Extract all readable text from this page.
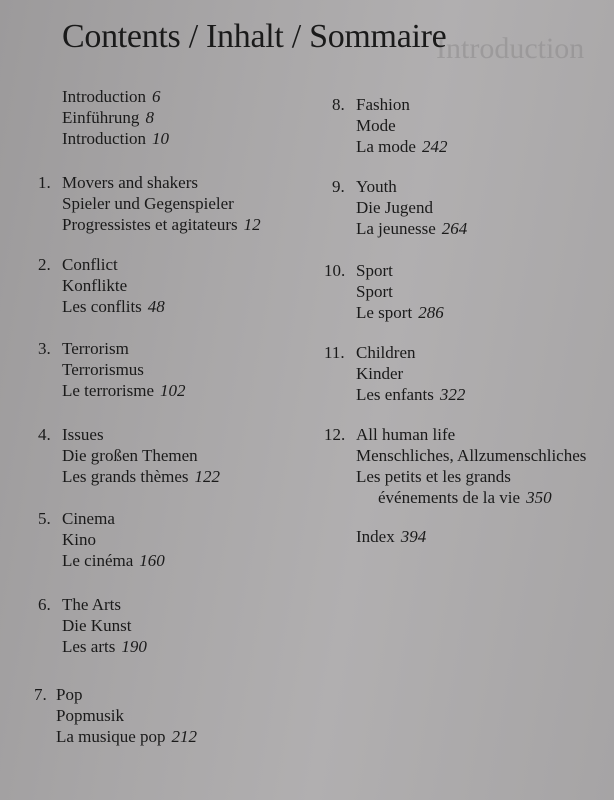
Introduction
Contents / Inhalt / Sommaire
Introduction 6
Einführung 8
Introduction 10
1. Movers and shakers
Spieler und Gegenspieler
Progressistes et agitateurs 12
2. Conflict
Konflikte
Les conflits 48
3. Terrorism
Terrorismus
Le terrorisme 102
4. Issues
Die großen Themen
Les grands thèmes 122
5. Cinema
Kino
Le cinéma 160
6. The Arts
Die Kunst
Les arts 190
7. Pop
Popmusik
La musique pop 212
8. Fashion
Mode
La mode 242
9. Youth
Die Jugend
La jeunesse 264
10. Sport
Sport
Le sport 286
11. Children
Kinder
Les enfants 322
12. All human life
Menschliches, Allzumenschliches
Les petits et les grands
événements de la vie 350
Index 394
